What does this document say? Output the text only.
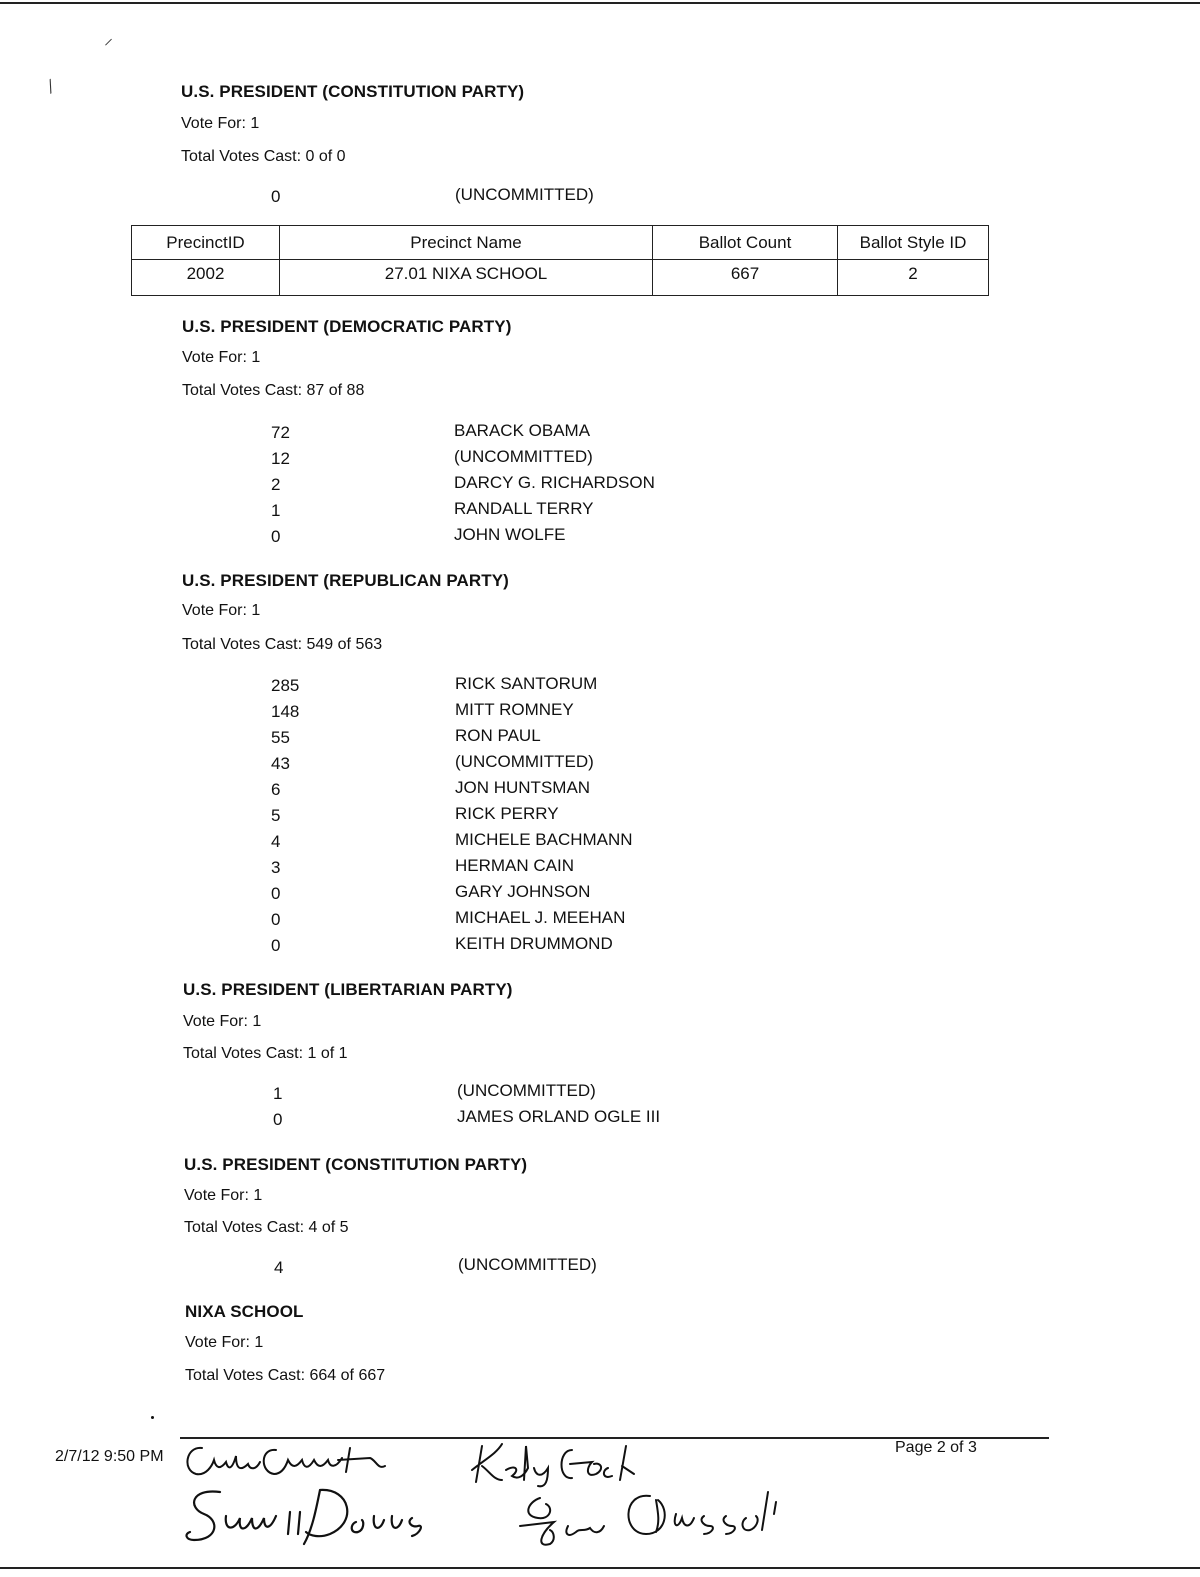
⸝
⁄	U.S. PRESIDENT (CONSTITUTION PARTY)
Vote For: 1
Total Votes Cast: 0 of 0
0	(UNCOMMITTED)
PrecinctID	Precinct Name	Ballot Count	Ballot Style ID
2002	27.01 NIXA SCHOOL	667	2
U.S. PRESIDENT (DEMOCRATIC PARTY)
Vote For: 1
Total Votes Cast: 87 of 88
72	BARACK OBAMA
12	(UNCOMMITTED)
2	DARCY G. RICHARDSON
1	RANDALL TERRY
0	JOHN WOLFE
U.S. PRESIDENT (REPUBLICAN PARTY)
Vote For: 1
Total Votes Cast: 549 of 563
285	RICK SANTORUM
148	MITT ROMNEY
55	RON PAUL
43	(UNCOMMITTED)
6	JON HUNTSMAN
5	RICK PERRY
4	MICHELE BACHMANN
3	HERMAN CAIN
0	GARY JOHNSON
0	MICHAEL J. MEEHAN
0	KEITH DRUMMOND
U.S. PRESIDENT (LIBERTARIAN PARTY)
Vote For: 1
Total Votes Cast: 1 of 1
1	(UNCOMMITTED)
0	JAMES ORLAND OGLE III
U.S. PRESIDENT (CONSTITUTION PARTY)
Vote For: 1
Total Votes Cast: 4 of 5
4	(UNCOMMITTED)
NIXA SCHOOL
Vote For: 1
Total Votes Cast: 664 of 667
2/7/12 9:50 PM
Page 2 of 3
